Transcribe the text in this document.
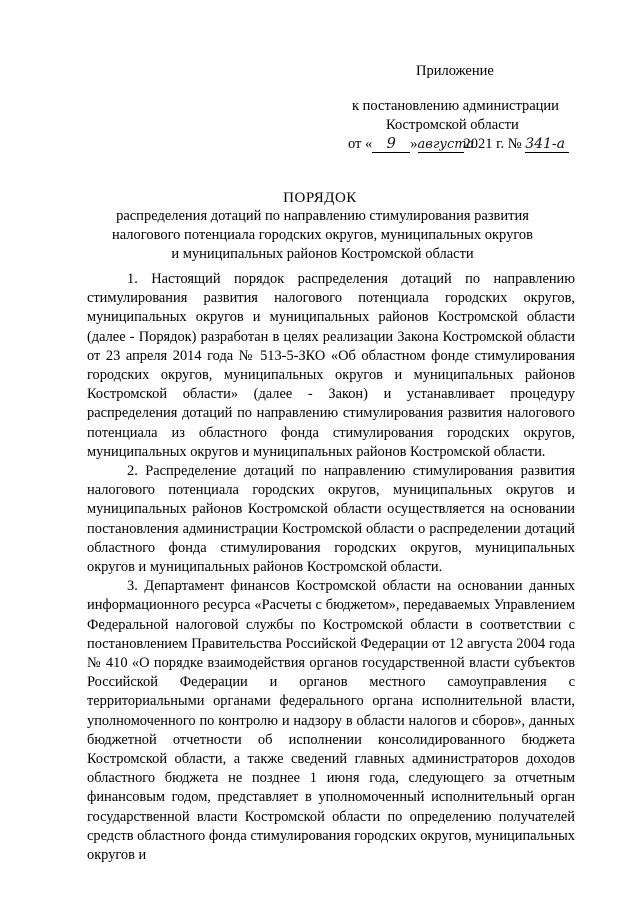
Приложение
к постановлению администрации
Костромской области
от « 9 »августа2021 г. № 341-а
ПОРЯДОК
распределения дотаций по направлению стимулирования развития
налогового потенциала городских округов, муниципальных округов
и муниципальных районов Костромской области

1. Настоящий порядок распределения дотаций по направлению стимулирования развития налогового потенциала городских округов, муниципальных округов и муниципальных районов Костромской области (далее - Порядок) разработан в целях реализации Закона Костромской области от 23 апреля 2014 года № 513-5-ЗКО «Об областном фонде стимулирования городских округов, муниципальных округов и муниципальных районов Костромской области» (далее - Закон) и устанавливает процедуру распределения дотаций по направлению стимулирования развития налогового потенциала из областного фонда стимулирования городских округов, муниципальных округов и муниципальных районов Костромской области.

2. Распределение дотаций по направлению стимулирования развития налогового потенциала городских округов, муниципальных округов и муниципальных районов Костромской области осуществляется на основании постановления администрации Костромской области о распределении дотаций областного фонда стимулирования городских округов, муниципальных округов и муниципальных районов Костромской области.

3. Департамент финансов Костромской области на основании данных информационного ресурса «Расчеты с бюджетом», передаваемых Управлением Федеральной налоговой службы по Костромской области в соответствии с постановлением Правительства Российской Федерации от 12 августа 2004 года № 410 «О порядке взаимодействия органов государственной власти субъектов Российской Федерации и органов местного самоуправления с территориальными органами федерального органа исполнительной власти, уполномоченного по контролю и надзору в области налогов и сборов», данных бюджетной отчетности об исполнении консолидированного бюджета Костромской области, а также сведений главных администраторов доходов областного бюджета не позднее 1 июня года, следующего за отчетным финансовым годом, представляет в уполномоченный исполнительный орган государственной власти Костромской области по определению получателей средств областного фонда стимулирования городских округов, муниципальных округов и
